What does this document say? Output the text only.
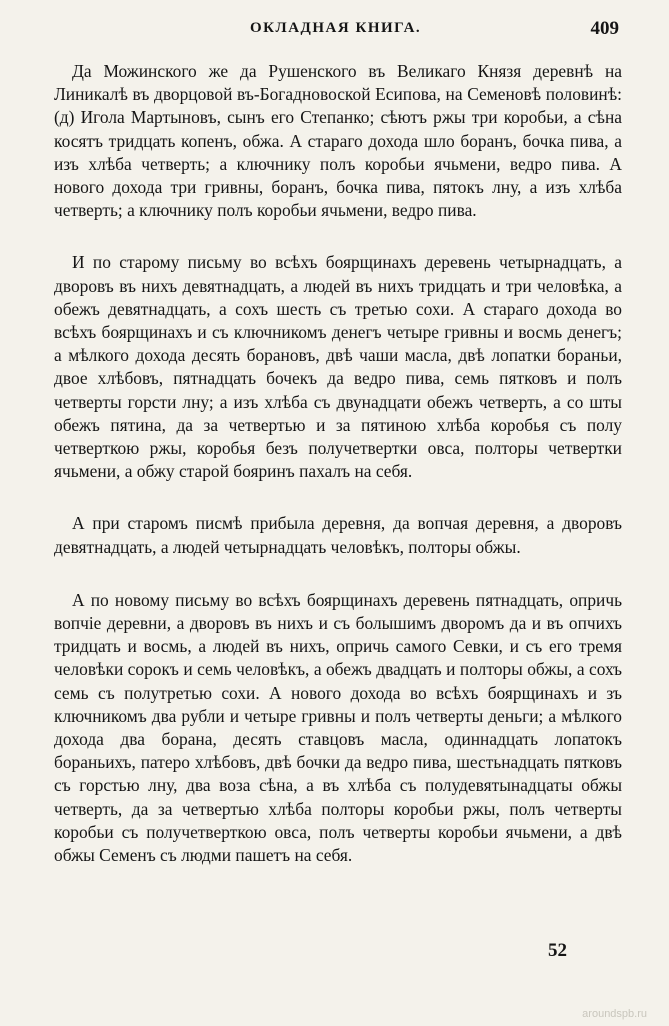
ОКЛАДНАЯ КНИГА.	409

Да Можинского же да Рушенского въ Великаго Князя деревнѣ на Линикалѣ въ дворцовой въ-Богадновоской Есипова, на Семеновѣ половинѣ: (д) Игола Мартыновъ, сынъ его Степанко; сѣютъ ржы три коробьи, а сѣна косятъ тридцать копенъ, обжа. А стараго дохода шло боранъ, бочка пива, а изъ хлѣба четверть; а ключнику полъ коробьи ячьмени, ведро пива. А нового дохода три гривны, боранъ, бочка пива, пятокъ лну, а изъ хлѣба четверть; а ключнику полъ коробьи ячьмени, ведро пива.

И по старому письму во всѣхъ боярщинахъ деревень четырнадцать, а дворовъ въ нихъ девятнадцать, а людей въ нихъ тридцать и три человѣка, а обежъ девятнадцать, а сохъ шесть съ третью сохи. А стараго дохода во всѣхъ боярщинахъ и съ ключникомъ денегъ четыре гривны и восмь денегъ; а мѣлкого дохода десять борановъ, двѣ чаши масла, двѣ лопатки бораньи, двое хлѣбовъ, пятнадцать бочекъ да ведро пива, семь пятковъ и полъ четверты горсти лну; а изъ хлѣба съ двунадцати обежъ четверть, а со шты обежъ пятина, да за четвертью и за пятиною хлѣба коробья съ полу четверткою ржы, коробья безъ получетвертки овса, полторы четвертки ячьмени, а обжу старой бояринъ пахалъ на себя.

А при старомъ писмѣ прибыла деревня, да вопчая деревня, а дворовъ девятнадцать, а людей четырнадцать человѣкъ, полторы обжы.

А по новому письму во всѣхъ боярщинахъ деревень пятнадцать, опричь вопчіе деревни, а дворовъ въ нихъ и съ болышимъ дворомъ да и въ опчихъ тридцать и восмь, а людей въ нихъ, опричь самого Севки, и съ его тремя человѣки сорокъ и семь человѣкъ, а обежъ двадцать и полторы обжы, а сохъ семь съ полутретью сохи. А нового дохода во всѣхъ боярщинахъ и зъ ключникомъ два рубли и четыре гривны и полъ четверты деньги; а мѣлкого дохода два борана, десять ставцовъ масла, одиннадцать лопатокъ бораньихъ, патеро хлѣбовъ, двѣ бочки да ведро пива, шестьнадцать пятковъ съ горстью лну, два воза сѣна, а въ хлѣба съ полудевятынадцаты обжы четверть, да за четвертью хлѣба полторы коробьи ржы, полъ четверты коробьи съ получетверткою овса, полъ четверты коробьи ячьмени, а двѣ обжы Семенъ съ людми пашетъ на себя.

52
aroundspb.ru
